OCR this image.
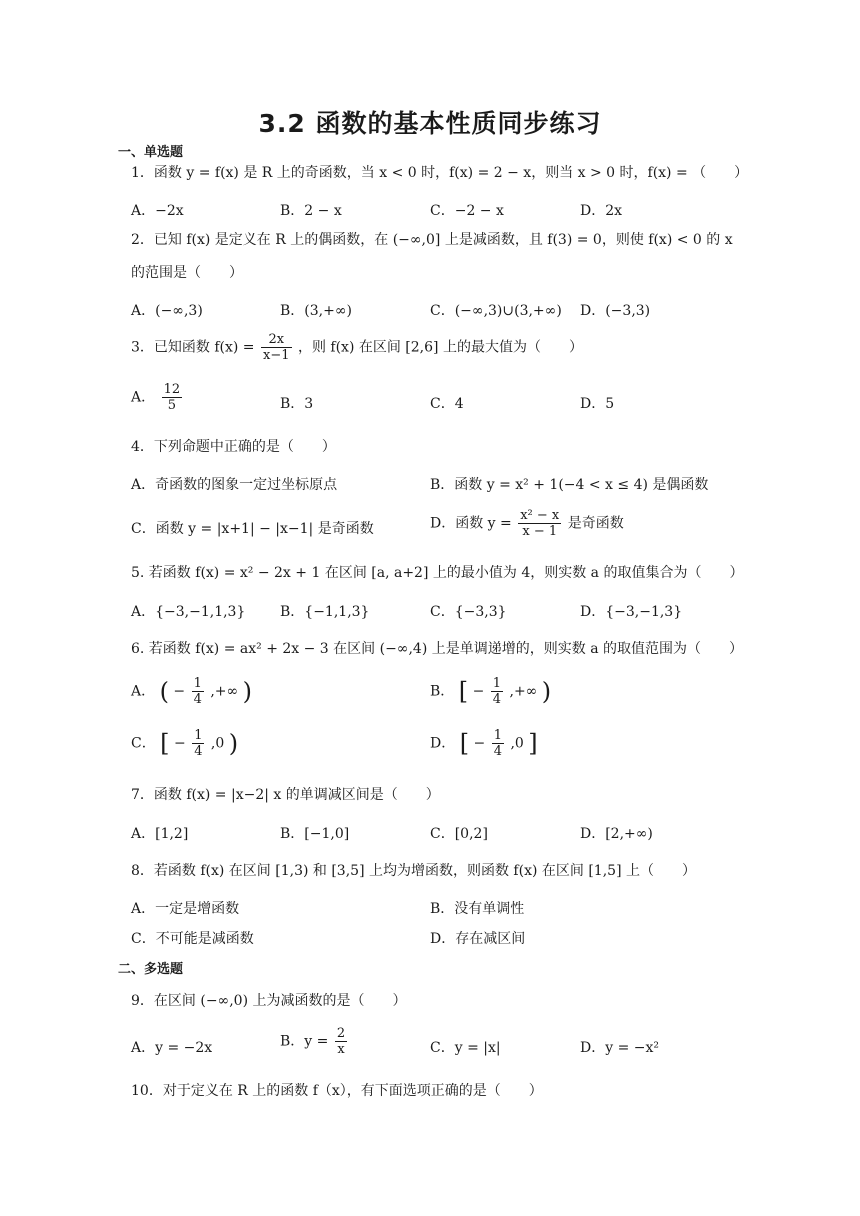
3.2 函数的基本性质同步练习
一、单选题
1．函数 y = f(x) 是 R 上的奇函数，当 x < 0 时，f(x) = 2 − x，则当 x > 0 时，f(x) = （　　）
A．−2x	B．2 − x	C．−2 − x	D．2x
2．已知 f(x) 是定义在 R 上的偶函数，在 (−∞,0] 上是减函数，且 f(3) = 0，则使 f(x) < 0 的 x
的范围是（　　）
A．(−∞,3)	B．(3,+∞)	C．(−∞,3)∪(3,+∞) D．(−3,3)
3．已知函数 $f(x) = \frac{2x}{x-1}$ ，则 f(x) 在区间 [2,6] 上的最大值为（　　）
A． $\frac{12}{5}$	B．3	C．4	D．5
4．下列命题中正确的是（　　）
A．奇函数的图象一定过坐标原点	B．函数 y = x² + 1(−4 < x ≤ 4) 是偶函数
C．函数 y = |x+1| − |x−1| 是奇函数	D．函数 $y = \frac{\text{x² − x}}{x - 1}$ 是奇函数
5. 若函数 f(x) = x² − 2x + 1 在区间 [a, a+2] 上的最小值为 4，则实数 a 的取值集合为（　　）
A．{−3,−1,1,3} B．{−1,1,3}	C．{−3,3}	D．{−3,−1,3}
6. 若函数 f(x) = ax² + 2x − 3 在区间 (−∞,4) 上是单调递增的，则实数 a 的取值范围为（　　）
A． ( − $\frac{1}{4}$ ,+∞ )	B． [ − $\frac{1}{4}$ ,+∞ )
C． [ − $\frac{1}{4} ,0$ )	D． [ − $\frac{1}{4} ,0$ ]
7．函数 f(x) = |x−2| x 的单调减区间是（　　）
A．[1,2]	B．[−1,0]	C．[0,2]	D．[2,+∞)
8．若函数 f(x) 在区间 [1,3) 和 [3,5] 上均为增函数，则函数 f(x) 在区间 [1,5] 上（　　）
A．一定是增函数	B．没有单调性
C．不可能是减函数	D．存在减区间
二、多选题
9．在区间 (−∞,0) 上为减函数的是（　　）
A．y = −2x	B．$y = \frac{2}{x}$	C．y = |x|	D．y = −x²
10．对于定义在 R 上的函数 f（x），有下面选项正确的是（　　）
